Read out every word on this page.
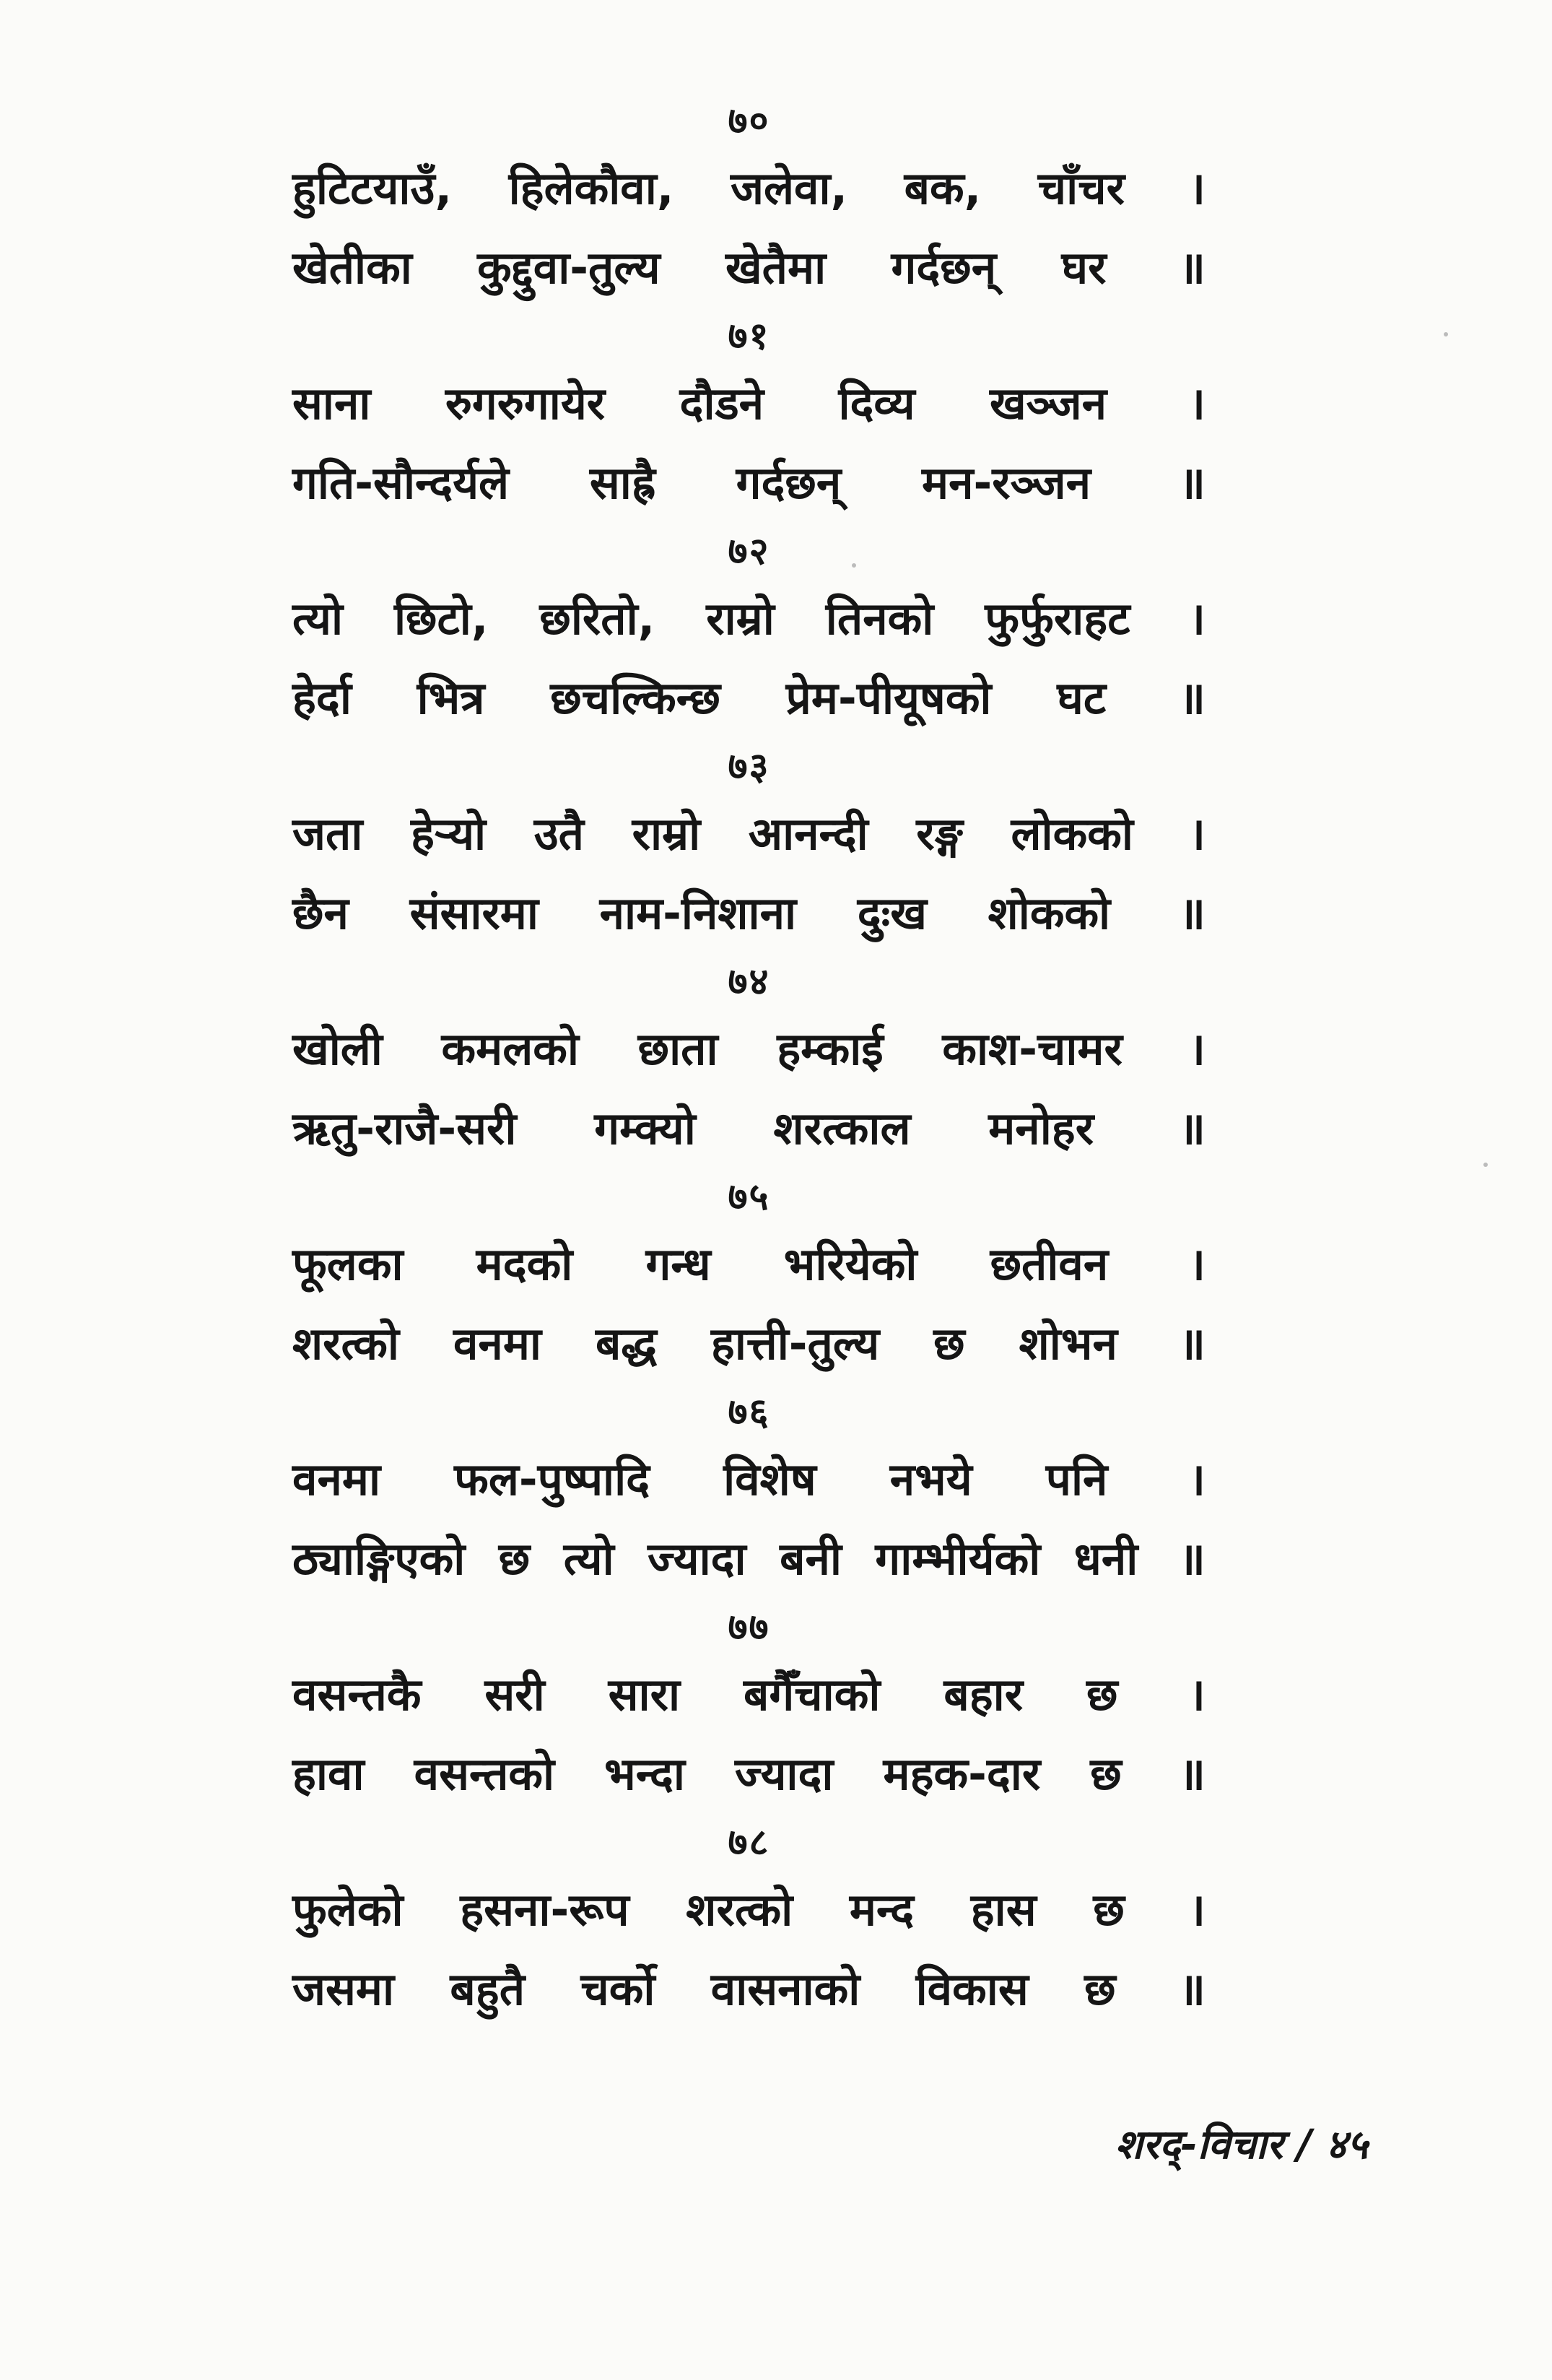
७०
हुटिटयाउँ, हिलेकौवा, जलेवा, बक, चाँचर ।
खेतीका कुद्दुवा-तुल्य खेतैमा गर्दछन् घर ॥
७१
साना रुगरुगायेर दौडने दिव्य खञ्जन ।
गति-सौन्दर्यले साह्रै गर्दछन् मन-रञ्जन ॥
७२
त्यो छिटो, छरितो, राम्रो तिनको फुर्फुराहट ।
हेर्दा भित्र छचल्किन्छ प्रेम-पीयूषको घट ॥
७३
जता हेर्‍यो उतै राम्रो आनन्दी रङ्ग लोकको ।
छैन संसारमा नाम-निशाना दुःख शोकको ॥
७४
खोली कमलको छाता हम्काई काश-चामर ।
ऋतु-राजै-सरी गम्क्यो शरत्काल मनोहर ॥
७५
फूलका मदको गन्ध भरियेको छतीवन ।
शरत्को वनमा बद्ध हात्ती-तुल्य छ शोभन ॥
७६
वनमा फल-पुष्पादि विशेष नभये पनि ।
ठ्याङ्गिएको छ त्यो ज्यादा बनी गाम्भीर्यको धनी ॥
७७
वसन्तकै सरी सारा बगैँचाको बहार छ ।
हावा वसन्तको भन्दा ज्यादा महक-दार छ ॥
७८
फुलेको हसना-रूप शरत्को मन्द हास छ ।
जसमा बहुतै चर्को वासनाको विकास छ ॥
शरद्-विचार / ४५
